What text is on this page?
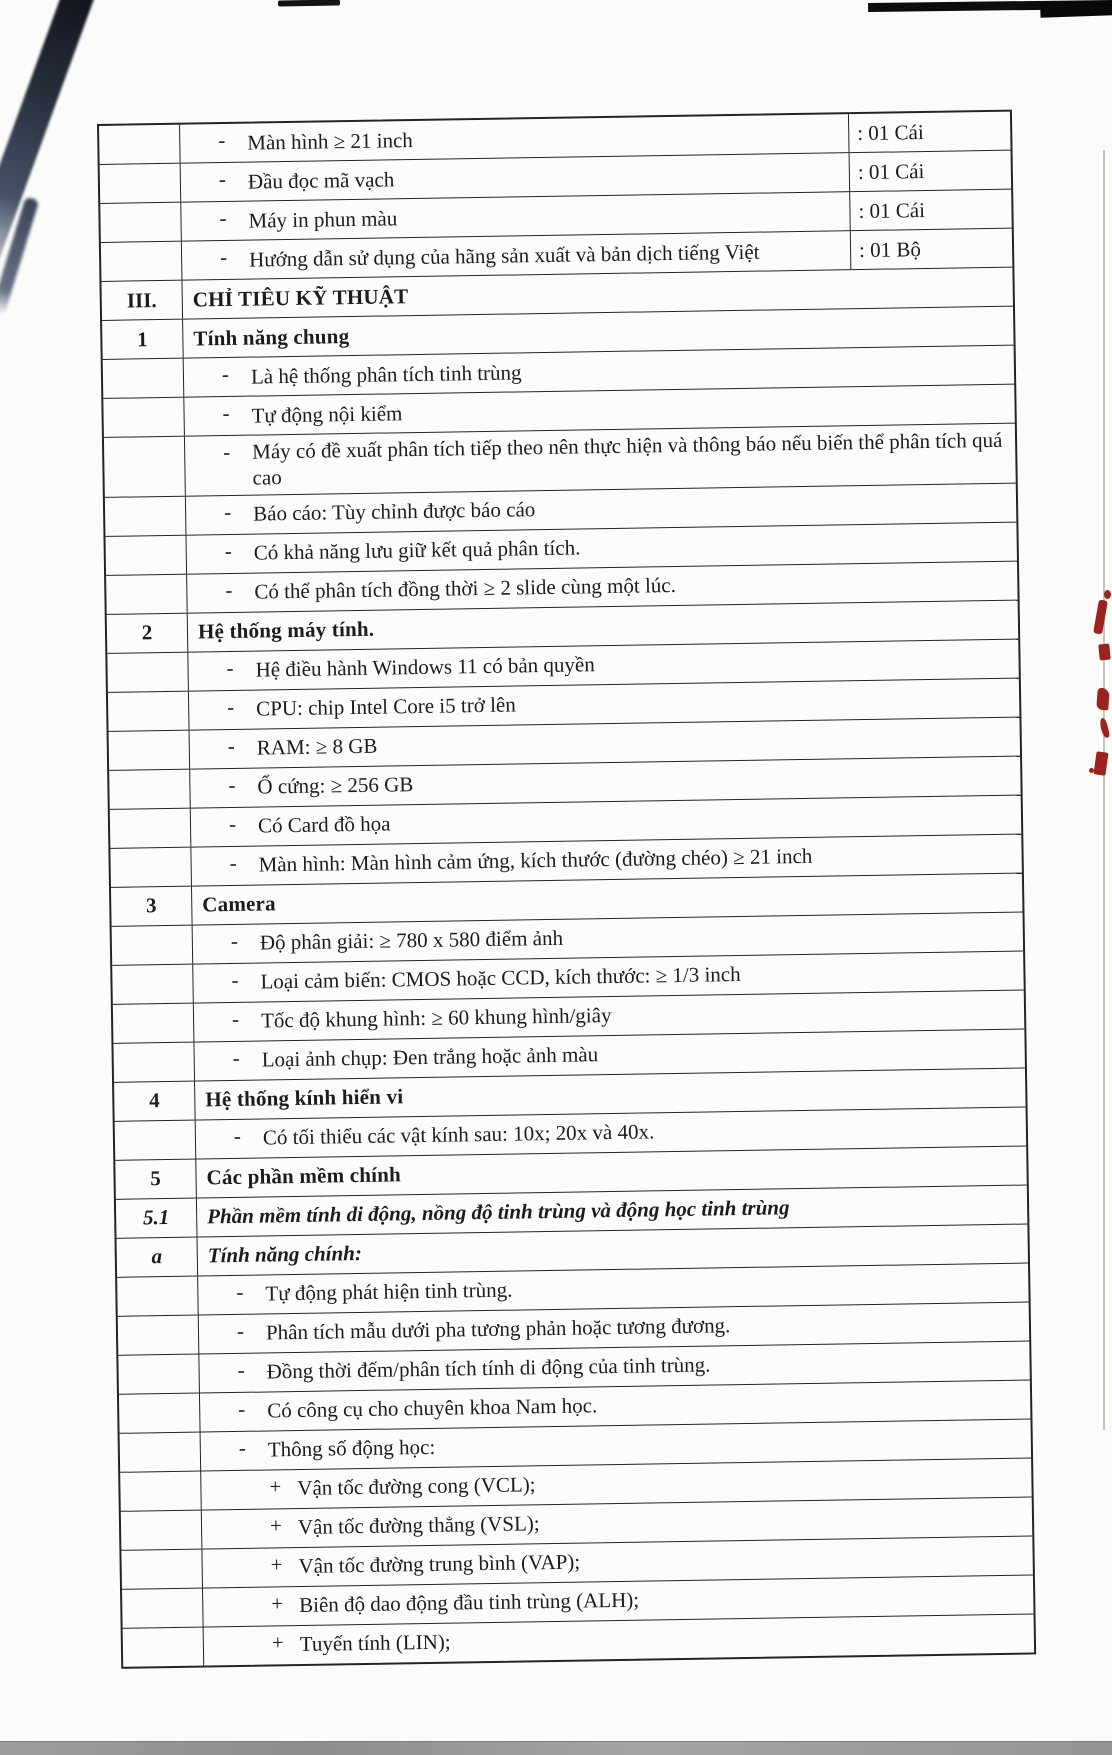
- Màn hình ≥ 21 inch	: 01 Cái
- Đầu đọc mã vạch	: 01 Cái
- Máy in phun màu	: 01 Cái
- Hướng dẫn sử dụng của hãng sản xuất và bản dịch tiếng Việt	: 01 Bộ
III. CHỈ TIÊU KỸ THUẬT
1 Tính năng chung
- Là hệ thống phân tích tinh trùng
- Tự động nội kiểm
- Máy có đề xuất phân tích tiếp theo nên thực hiện và thông báo nếu biến thể phân tích quá cao
- Báo cáo: Tùy chỉnh được báo cáo
- Có khả năng lưu giữ kết quả phân tích.
- Có thể phân tích đồng thời ≥ 2 slide cùng một lúc.
2 Hệ thống máy tính.
- Hệ điều hành Windows 11 có bản quyền
- CPU: chip Intel Core i5 trở lên
- RAM: ≥ 8 GB
- Ổ cứng: ≥ 256 GB
- Có Card đồ họa
- Màn hình: Màn hình cảm ứng, kích thước (đường chéo) ≥ 21 inch
3 Camera
- Độ phân giải: ≥ 780 x 580 điểm ảnh
- Loại cảm biến: CMOS hoặc CCD, kích thước: ≥ 1/3 inch
- Tốc độ khung hình: ≥ 60 khung hình/giây
- Loại ảnh chụp: Đen trắng hoặc ảnh màu
4 Hệ thống kính hiển vi
- Có tối thiểu các vật kính sau: 10x; 20x và 40x.
5 Các phần mềm chính
5.1 Phần mềm tính di động, nồng độ tinh trùng và động học tinh trùng
a Tính năng chính:
- Tự động phát hiện tinh trùng.
- Phân tích mẫu dưới pha tương phản hoặc tương đương.
- Đồng thời đếm/phân tích tính di động của tinh trùng.
- Có công cụ cho chuyên khoa Nam học.
- Thông số động học:
+ Vận tốc đường cong (VCL);
+ Vận tốc đường thẳng (VSL);
+ Vận tốc đường trung bình (VAP);
+ Biên độ dao động đầu tinh trùng (ALH);
+ Tuyến tính (LIN);
